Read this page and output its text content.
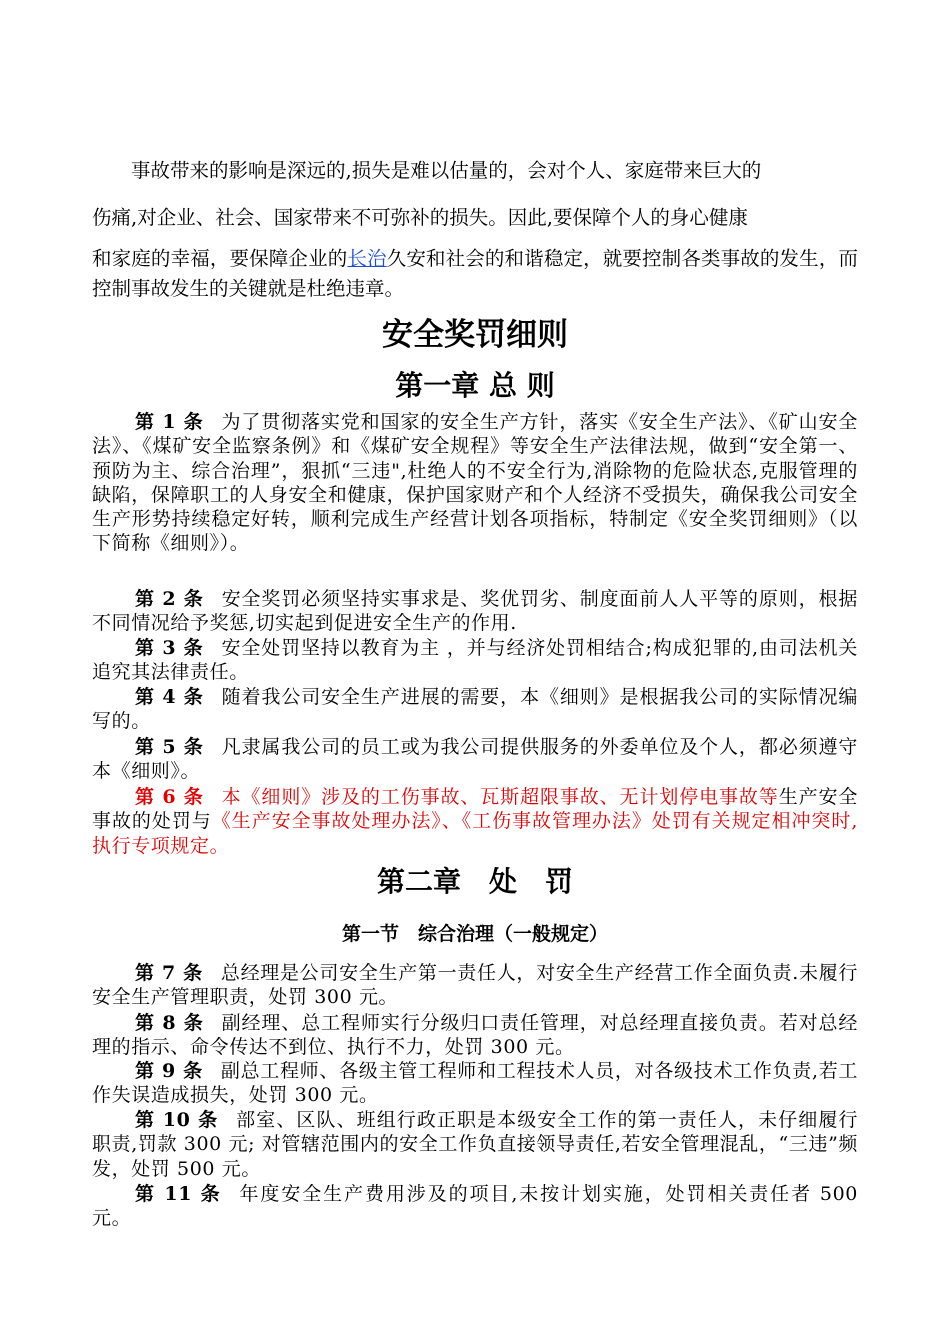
事故带来的影响是深远的,损失是难以估量的，会对个人、家庭带来巨大的
伤痛,对企业、社会、国家带来不可弥补的损失。因此,要保障个人的身心健康
和家庭的幸福，要保障企业的长治久安和社会的和谐稳定，就要控制各类事故的发生，而控制事故发生的关键就是杜绝违章。
安全奖罚细则
第一章 总 则
第 1 条 为了贯彻落实党和国家的安全生产方针，落实《安全生产法》、《矿山安全法》、《煤矿安全监察条例》和《煤矿安全规程》等安全生产法律法规，做到“安全第一、预防为主、综合治理”，狠抓“三违",杜绝人的不安全行为,消除物的危险状态,克服管理的缺陷，保障职工的人身安全和健康，保护国家财产和个人经济不受损失，确保我公司安全生产形势持续稳定好转，顺利完成生产经营计划各项指标，特制定《安全奖罚细则》（以下简称《细则》）。
第 2 条 安全奖罚必须坚持实事求是、奖优罚劣、制度面前人人平等的原则，根据不同情况给予奖惩,切实起到促进安全生产的作用.
第 3 条 安全处罚坚持以教育为主 ，并与经济处罚相结合;构成犯罪的,由司法机关追究其法律责任。
第 4 条 随着我公司安全生产进展的需要，本《细则》是根据我公司的实际情况编写的。
第 5 条 凡隶属我公司的员工或为我公司提供服务的外委单位及个人，都必须遵守本《细则》。
第 6 条 本《细则》涉及的工伤事故、瓦斯超限事故、无计划停电事故等生产安全事故的处罚与《生产安全事故处理办法》、《工伤事故管理办法》处罚有关规定相冲突时,执行专项规定。
第二章　处　罚
第一节　综合治理（一般规定）
第 7 条 总经理是公司安全生产第一责任人，对安全生产经营工作全面负责.未履行安全生产管理职责，处罚 300 元。
第 8 条 副经理、总工程师实行分级归口责任管理，对总经理直接负责。若对总经理的指示、命令传达不到位、执行不力，处罚 300 元。
第 9 条 副总工程师、各级主管工程师和工程技术人员，对各级技术工作负责,若工作失误造成损失，处罚 300 元。
第 10 条 部室、区队、班组行政正职是本级安全工作的第一责任人，未仔细履行职责,罚款 300 元; 对管辖范围内的安全工作负直接领导责任,若安全管理混乱，“三违”频发，处罚 500 元。
第 11 条 年度安全生产费用涉及的项目,未按计划实施，处罚相关责任者 500 元。
